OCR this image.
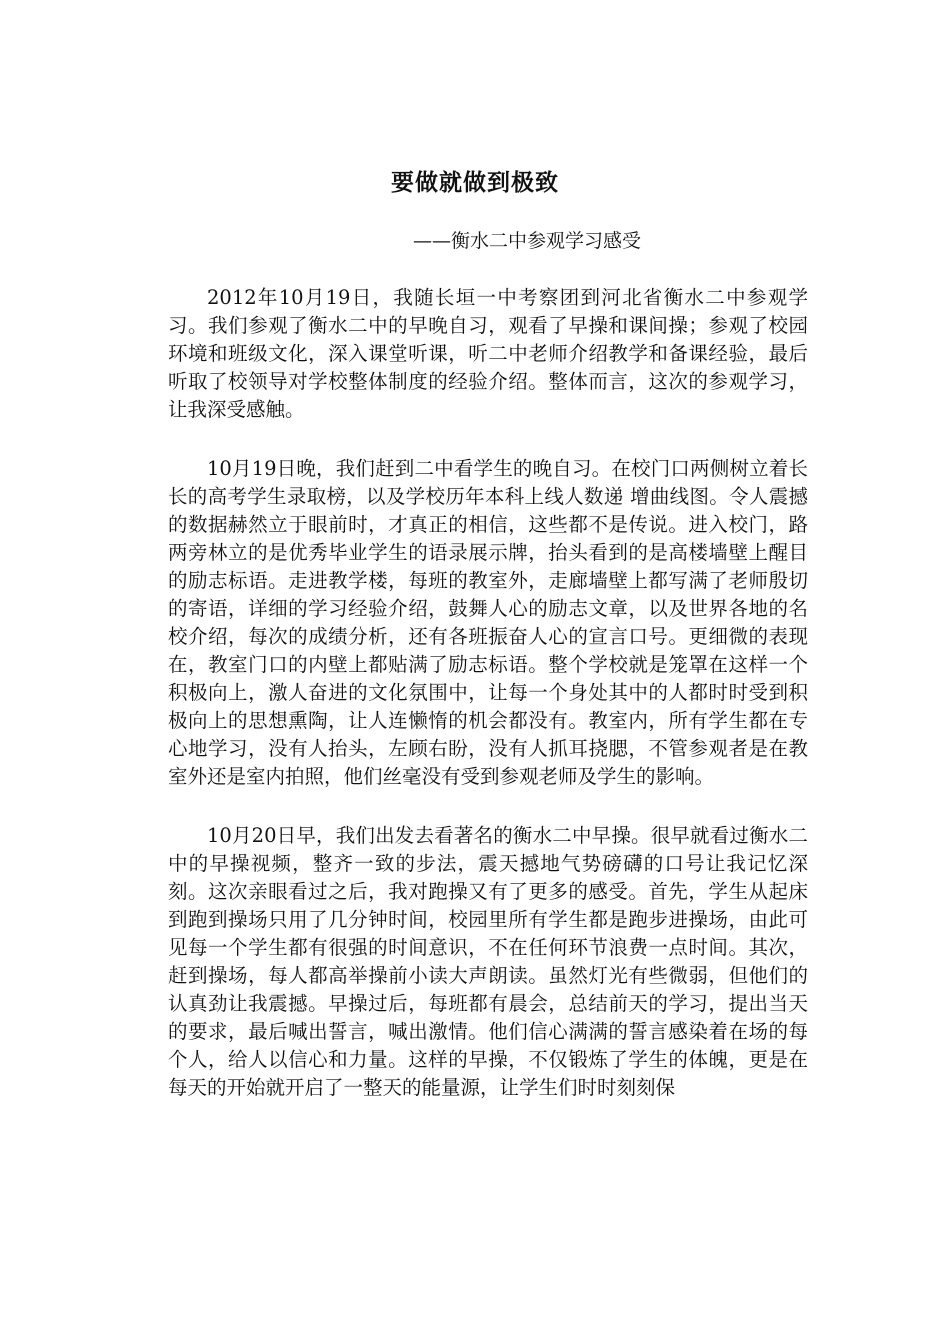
要做就做到极致
——衡水二中参观学习感受

2012年10月19日，我随长垣一中考察团到河北省衡水二中参观学习。我们参观了衡水二中的早晚自习，观看了早操和课间操；参观了校园环境和班级文化，深入课堂听课，听二中老师介绍教学和备课经验，最后听取了校领导对学校整体制度的经验介绍。整体而言，这次的参观学习，让我深受感触。

10月19日晚，我们赶到二中看学生的晚自习。在校门口两侧树立着长长的高考学生录取榜，以及学校历年本科上线人数递 增曲线图。令人震撼的数据赫然立于眼前时，才真正的相信，这些都不是传说。进入校门，路两旁林立的是优秀毕业学生的语录展示牌，抬头看到的是高楼墙壁上醒目的励志标语。走进教学楼，每班的教室外，走廊墙壁上都写满了老师殷切的寄语，详细的学习经验介绍，鼓舞人心的励志文章，以及世界各地的名校介绍，每次的成绩分析，还有各班振奋人心的宣言口号。更细微的表现在，教室门口的内壁上都贴满了励志标语。整个学校就是笼罩在这样一个积极向上，激人奋进的文化氛围中，让每一个身处其中的人都时时受到积极向上的思想熏陶，让人连懒惰的机会都没有。教室内，所有学生都在专心地学习，没有人抬头，左顾右盼，没有人抓耳挠腮，不管参观者是在教室外还是室内拍照，他们丝毫没有受到参观老师及学生的影响。

10月20日早，我们出发去看著名的衡水二中早操。很早就看过衡水二中的早操视频，整齐一致的步法，震天撼地气势磅礴的口号让我记忆深刻。这次亲眼看过之后，我对跑操又有了更多的感受。首先，学生从起床到跑到操场只用了几分钟时间，校园里所有学生都是跑步进操场，由此可见每一个学生都有很强的时间意识，不在任何环节浪费一点时间。其次，赶到操场，每人都高举操前小读大声朗读。虽然灯光有些微弱，但他们的认真劲让我震撼。早操过后，每班都有晨会，总结前天的学习，提出当天的要求，最后喊出誓言，喊出激情。他们信心满满的誓言感染着在场的每个人，给人以信心和力量。这样的早操，不仅锻炼了学生的体魄，更是在每天的开始就开启了一整天的能量源，让学生们时时刻刻保
